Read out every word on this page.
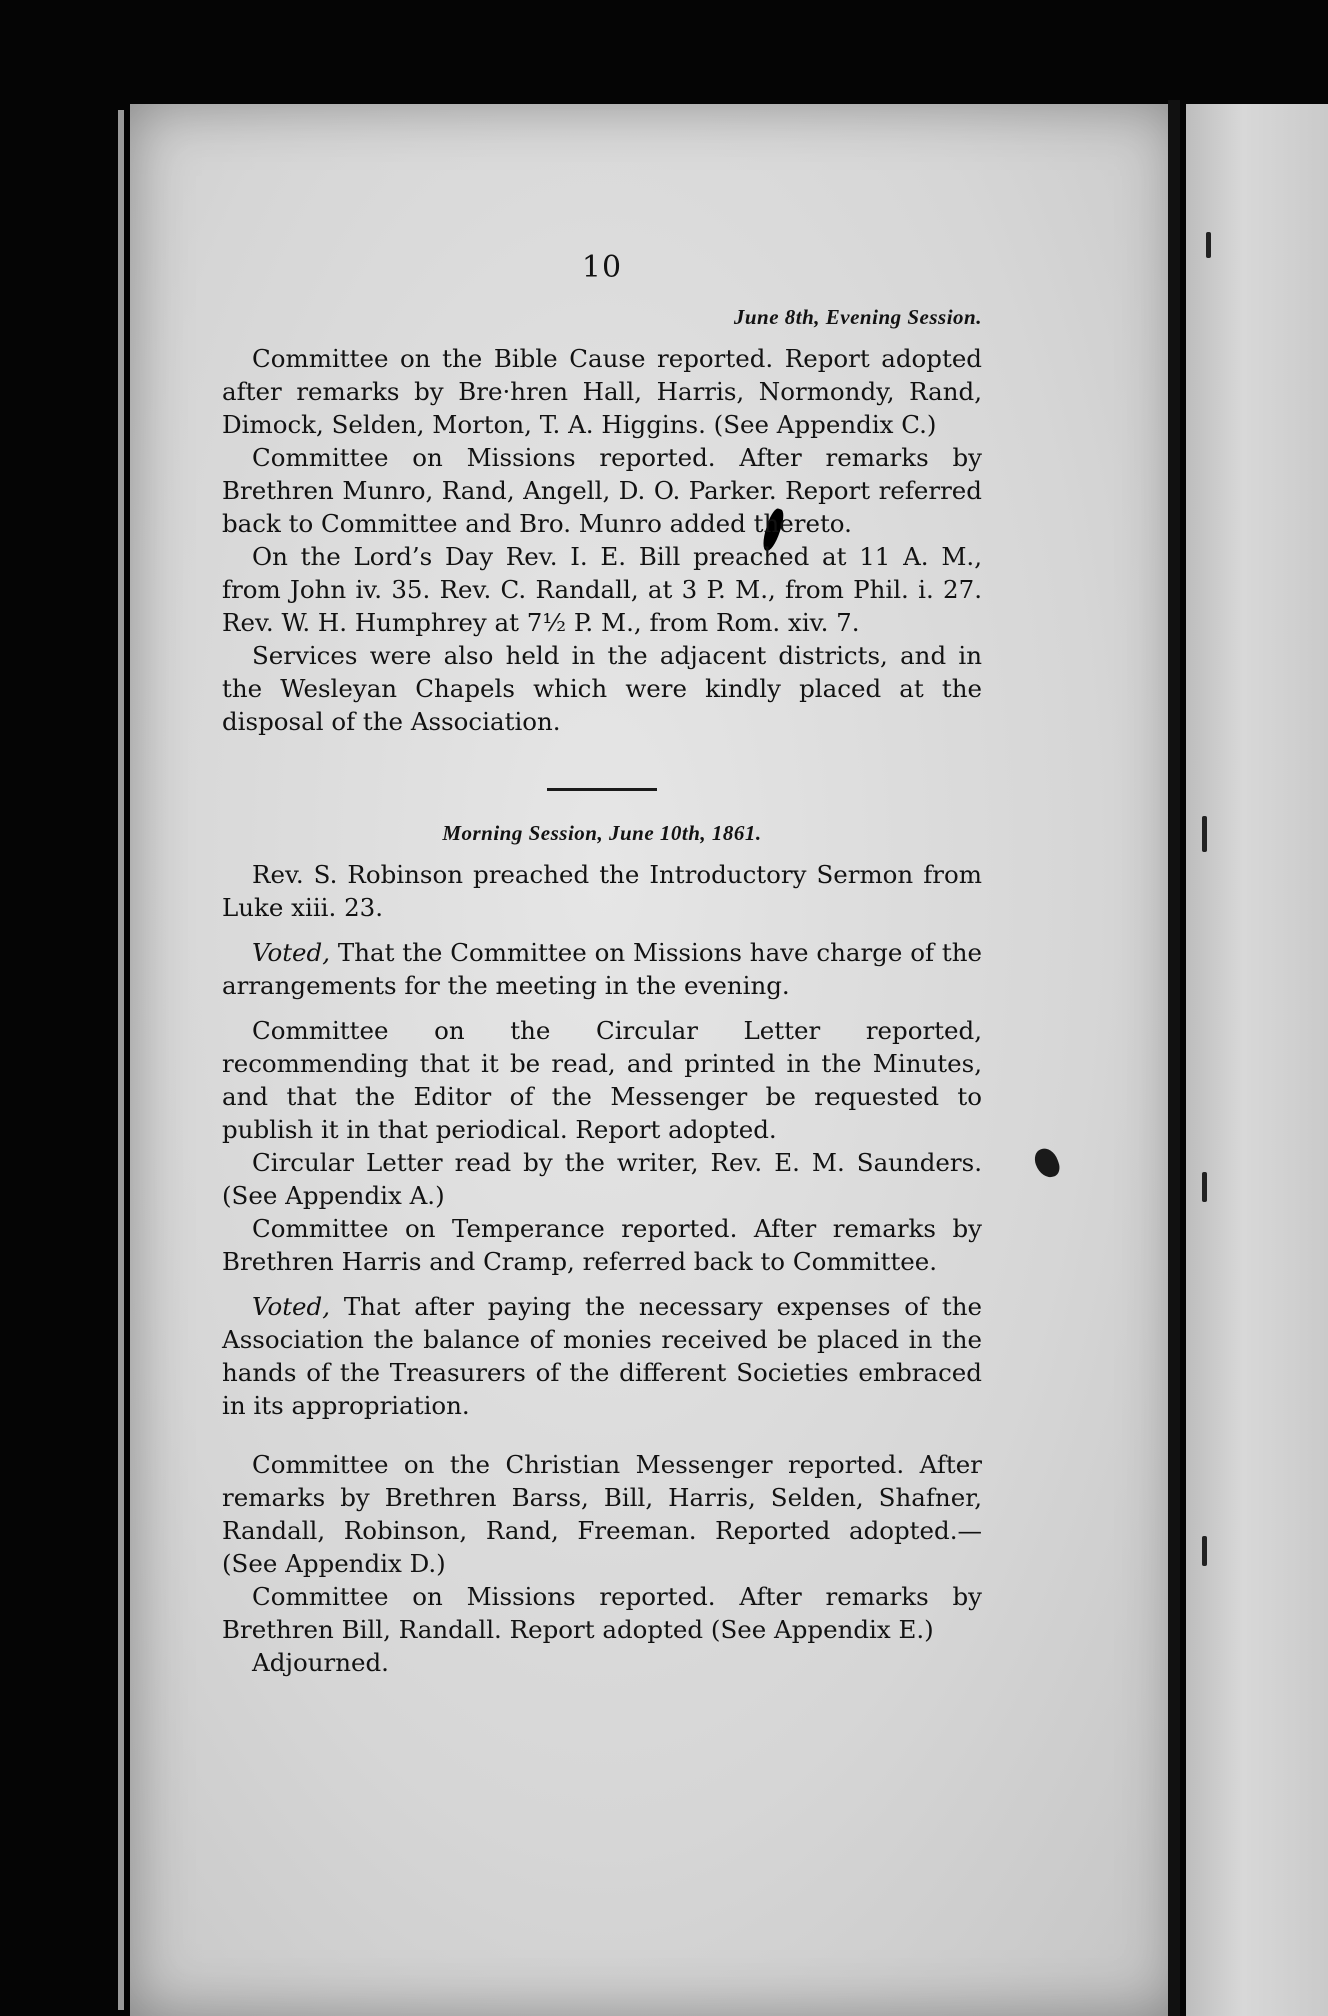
10
June 8th, Evening Session.

Committee on the Bible Cause reported. Report adopted after remarks by Bre·hren Hall, Harris, Normondy, Rand, Dimock, Selden, Morton, T. A. Higgins. (See Appendix C.)

Committee on Missions reported. After remarks by Brethren Munro, Rand, Angell, D. O. Parker. Report referred back to Committee and Bro. Munro added thereto.

On the Lord’s Day Rev. I. E. Bill preached at 11 A. M., from John iv. 35. Rev. C. Randall, at 3 P. M., from Phil. i. 27. Rev. W. H. Humphrey at 7½ P. M., from Rom. xiv. 7.

Services were also held in the adjacent districts, and in the Wesleyan Chapels which were kindly placed at the disposal of the Association.

Morning Session, June 10th, 1861.

Rev. S. Robinson preached the Introductory Sermon from Luke xiii. 23.

Voted, That the Committee on Missions have charge of the arrangements for the meeting in the evening.

Committee on the Circular Letter reported, recommending that it be read, and printed in the Minutes, and that the Editor of the Messenger be requested to publish it in that periodical. Report adopted.

Circular Letter read by the writer, Rev. E. M. Saunders. (See Appendix A.)

Committee on Temperance reported. After remarks by Brethren Harris and Cramp, referred back to Committee.

Voted, That after paying the necessary expenses of the Association the balance of monies received be placed in the hands of the Treasurers of the different Societies embraced in its appropriation.

Committee on the Christian Messenger reported. After remarks by Brethren Barss, Bill, Harris, Selden, Shafner, Randall, Robinson, Rand, Freeman. Reported adopted.—(See Appendix D.)

Committee on Missions reported. After remarks by Brethren Bill, Randall. Report adopted (See Appendix E.)

Adjourned.
